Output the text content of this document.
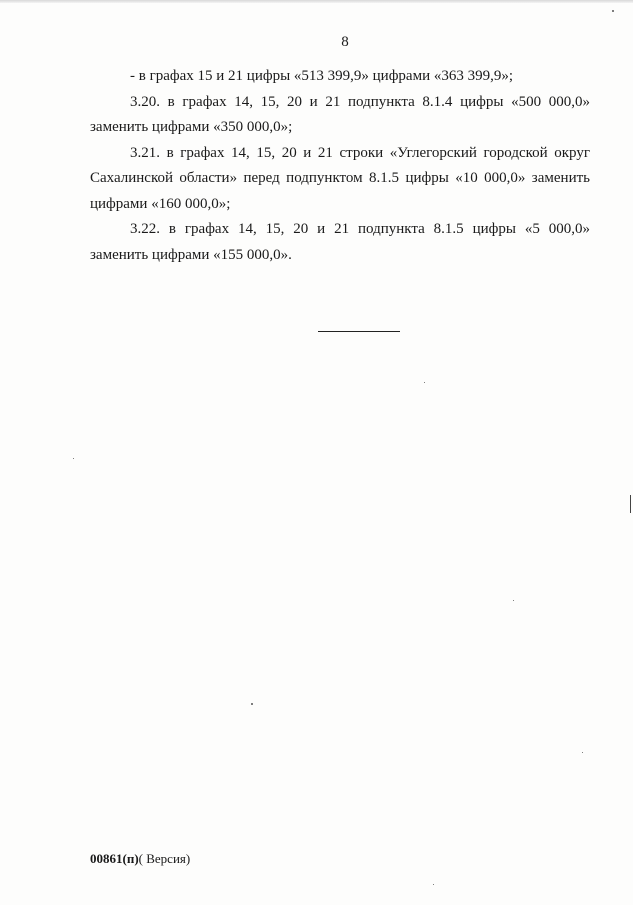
8

- в графах 15 и 21 цифры «513 399,9» цифрами «363 399,9»;

3.20. в графах 14, 15, 20 и 21 подпункта 8.1.4 цифры «500 000,0» заменить цифрами «350 000,0»;

3.21. в графах 14, 15, 20 и 21 строки «Углегорский городской округ Сахалинской области» перед подпунктом 8.1.5 цифры «10 000,0» заменить цифрами «160 000,0»;

3.22. в графах 14, 15, 20 и 21 подпункта 8.1.5 цифры «5 000,0» заменить цифрами «155 000,0».

00861(п)( Версия)
